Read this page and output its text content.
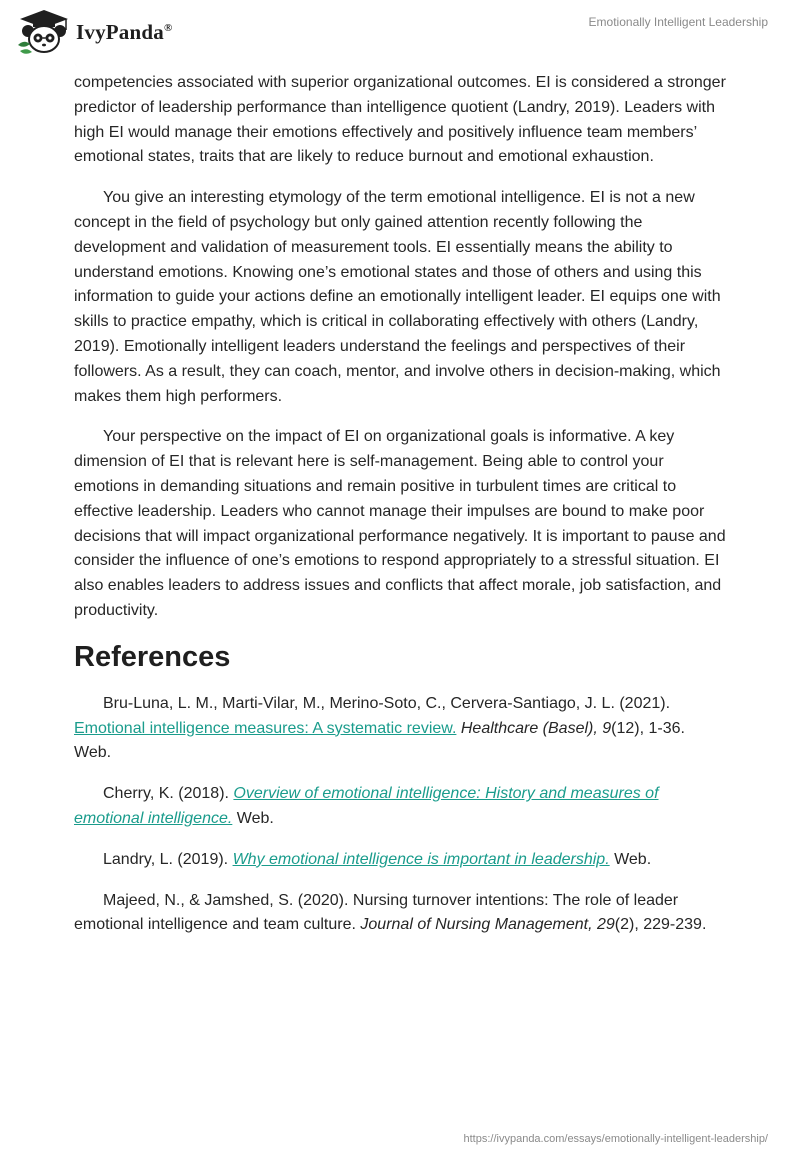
IvyPanda®	Emotionally Intelligent Leadership

competencies associated with superior organizational outcomes. EI is considered a stronger predictor of leadership performance than intelligence quotient (Landry, 2019). Leaders with high EI would manage their emotions effectively and positively influence team members’ emotional states, traits that are likely to reduce burnout and emotional exhaustion.

You give an interesting etymology of the term emotional intelligence. EI is not a new concept in the field of psychology but only gained attention recently following the development and validation of measurement tools. EI essentially means the ability to understand emotions. Knowing one’s emotional states and those of others and using this information to guide your actions define an emotionally intelligent leader. EI equips one with skills to practice empathy, which is critical in collaborating effectively with others (Landry, 2019). Emotionally intelligent leaders understand the feelings and perspectives of their followers. As a result, they can coach, mentor, and involve others in decision-making, which makes them high performers.

Your perspective on the impact of EI on organizational goals is informative. A key dimension of EI that is relevant here is self-management. Being able to control your emotions in demanding situations and remain positive in turbulent times are critical to effective leadership. Leaders who cannot manage their impulses are bound to make poor decisions that will impact organizational performance negatively. It is important to pause and consider the influence of one’s emotions to respond appropriately to a stressful situation. EI also enables leaders to address issues and conflicts that affect morale, job satisfaction, and productivity.

References

Bru-Luna, L. M., Marti-Vilar, M., Merino-Soto, C., Cervera-Santiago, J. L. (2021). Emotional intelligence measures: A systematic review. Healthcare (Basel), 9(12), 1-36. Web.

Cherry, K. (2018). Overview of emotional intelligence: History and measures of emotional intelligence. Web.

Landry, L. (2019). Why emotional intelligence is important in leadership. Web.

Majeed, N., & Jamshed, S. (2020). Nursing turnover intentions: The role of leader emotional intelligence and team culture. Journal of Nursing Management, 29(2), 229-239.

https://ivypanda.com/essays/emotionally-intelligent-leadership/
